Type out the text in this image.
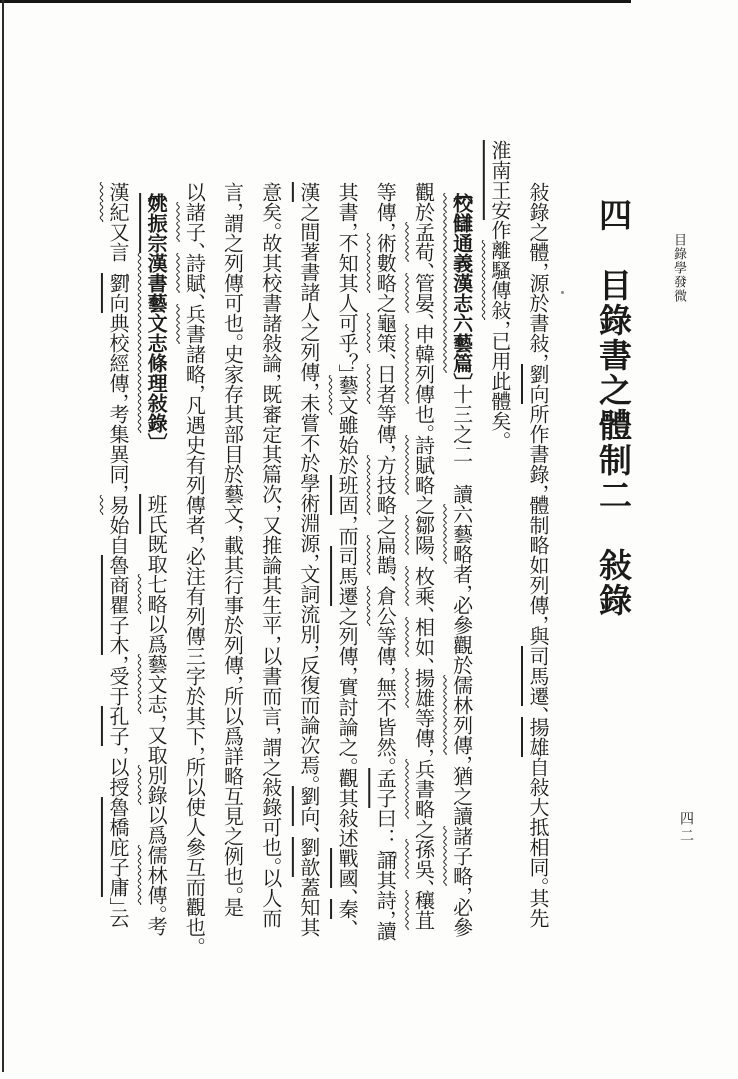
目錄學發微
四二
四　目錄書之體制二　敍錄
敍錄之體，源於書敍，劉向所作書錄，體制略如列傳，與司馬遷、揚雄自敍大抵相同。其先
淮南王安作離騷傳敍，已用此體矣。
〔校讎通義漢志六藝篇〕十三之二　讀六藝略者，必參觀於儒林列傳，猶之讀諸子略，必參
觀於孟荀、管晏、申韓列傳也。詩賦略之鄒陽、枚乘、相如、揚雄等傳，兵書略之孫吳、穰苴
等傳，術數略之龜策、日者等傳，方技略之扁鵲、倉公等傳，無不皆然。孟子曰：「誦其詩，讀
其書，不知其人可乎？」藝文雖始於班固，而司馬遷之列傳，實討論之。觀其敍述戰國、秦、
漢之間著書諸人之列傳，未嘗不於學術淵源，文詞流別，反復而論次焉。劉向、劉歆蓋知其
意矣。故其校書諸敍論，既審定其篇次，又推論其生平，以書而言，謂之敍錄可也。以人而
言，謂之列傳可也。史家存其部目於藝文，載其行事於列傳，所以爲詳略互見之例也。是
以諸子、詩賦、兵書諸略，凡遇史有列傳者，必注有列傳三字於其下，所以使人參互而觀也。
〔姚振宗漢書藝文志條理敍錄〕　　　班氏既取七略以爲藝文志，又取別錄以爲儒林傳。考
漢紀又言「劉向典校經傳，考集異同，易始自魯商瞿子木，受于孔子，以授魯橋庇子庸」云
